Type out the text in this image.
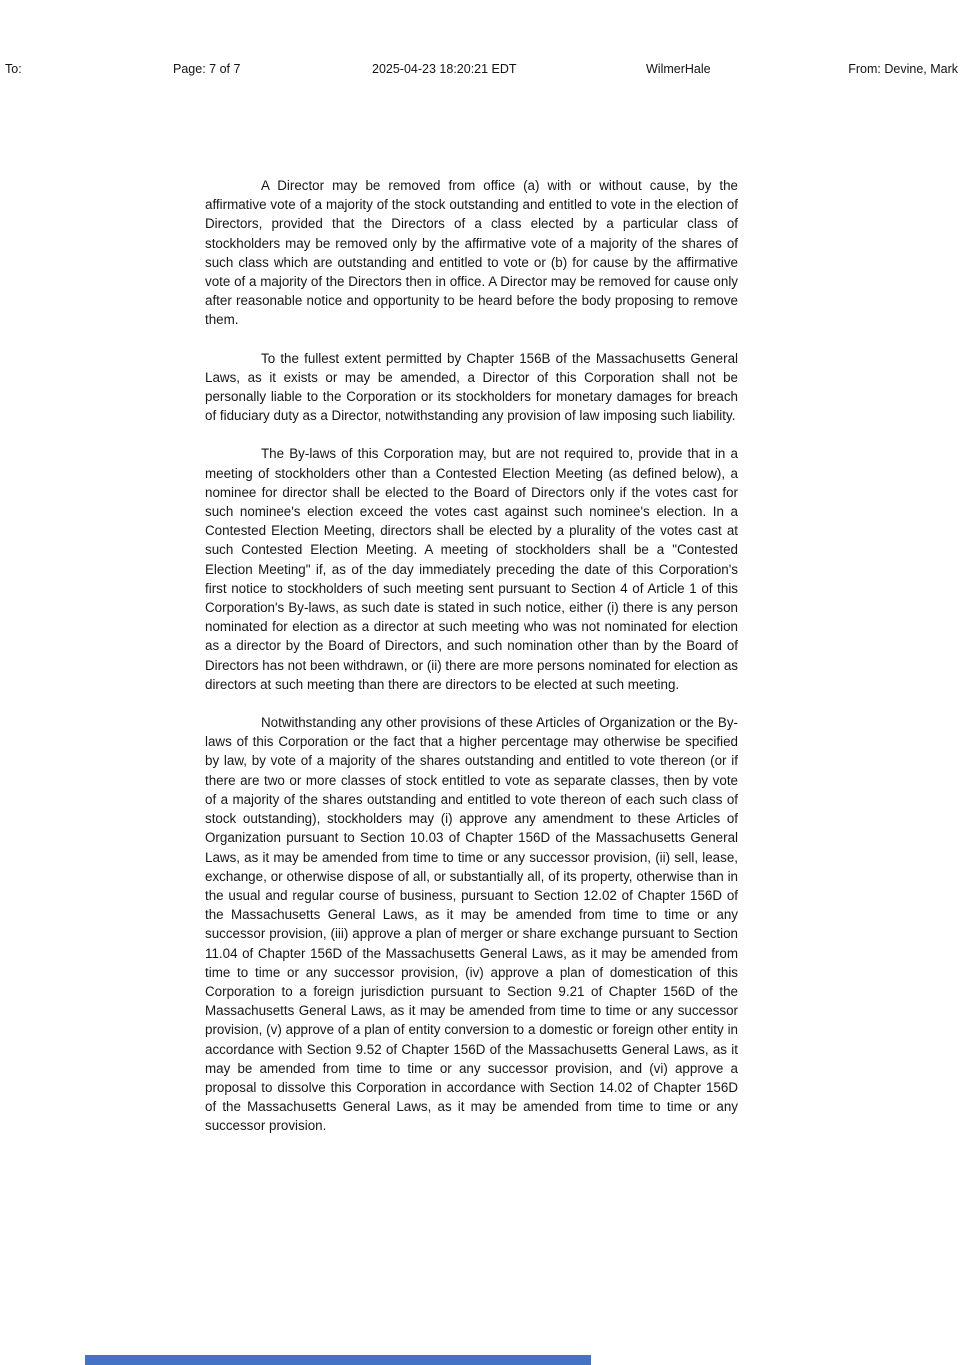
To:	Page: 7 of 7	2025-04-23 18:20:21 EDT	WilmerHale	From: Devine, Mark

A Director may be removed from office (a) with or without cause, by the affirmative vote of a majority of the stock outstanding and entitled to vote in the election of Directors, provided that the Directors of a class elected by a particular class of stockholders may be removed only by the affirmative vote of a majority of the shares of such class which are outstanding and entitled to vote or (b) for cause by the affirmative vote of a majority of the Directors then in office. A Director may be removed for cause only after reasonable notice and opportunity to be heard before the body proposing to remove them.

To the fullest extent permitted by Chapter 156B of the Massachusetts General Laws, as it exists or may be amended, a Director of this Corporation shall not be personally liable to the Corporation or its stockholders for monetary damages for breach of fiduciary duty as a Director, notwithstanding any provision of law imposing such liability.

The By-laws of this Corporation may, but are not required to, provide that in a meeting of stockholders other than a Contested Election Meeting (as defined below), a nominee for director shall be elected to the Board of Directors only if the votes cast for such nominee's election exceed the votes cast against such nominee's election. In a Contested Election Meeting, directors shall be elected by a plurality of the votes cast at such Contested Election Meeting. A meeting of stockholders shall be a "Contested Election Meeting" if, as of the day immediately preceding the date of this Corporation's first notice to stockholders of such meeting sent pursuant to Section 4 of Article 1 of this Corporation's By-laws, as such date is stated in such notice, either (i) there is any person nominated for election as a director at such meeting who was not nominated for election as a director by the Board of Directors, and such nomination other than by the Board of Directors has not been withdrawn, or (ii) there are more persons nominated for election as directors at such meeting than there are directors to be elected at such meeting.

Notwithstanding any other provisions of these Articles of Organization or the By-laws of this Corporation or the fact that a higher percentage may otherwise be specified by law, by vote of a majority of the shares outstanding and entitled to vote thereon (or if there are two or more classes of stock entitled to vote as separate classes, then by vote of a majority of the shares outstanding and entitled to vote thereon of each such class of stock outstanding), stockholders may (i) approve any amendment to these Articles of Organization pursuant to Section 10.03 of Chapter 156D of the Massachusetts General Laws, as it may be amended from time to time or any successor provision, (ii) sell, lease, exchange, or otherwise dispose of all, or substantially all, of its property, otherwise than in the usual and regular course of business, pursuant to Section 12.02 of Chapter 156D of the Massachusetts General Laws, as it may be amended from time to time or any successor provision, (iii) approve a plan of merger or share exchange pursuant to Section 11.04 of Chapter 156D of the Massachusetts General Laws, as it may be amended from time to time or any successor provision, (iv) approve a plan of domestication of this Corporation to a foreign jurisdiction pursuant to Section 9.21 of Chapter 156D of the Massachusetts General Laws, as it may be amended from time to time or any successor provision, (v) approve of a plan of entity conversion to a domestic or foreign other entity in accordance with Section 9.52 of Chapter 156D of the Massachusetts General Laws, as it may be amended from time to time or any successor provision, and (vi) approve a proposal to dissolve this Corporation in accordance with Section 14.02 of Chapter 156D of the Massachusetts General Laws, as it may be amended from time to time or any successor provision.
